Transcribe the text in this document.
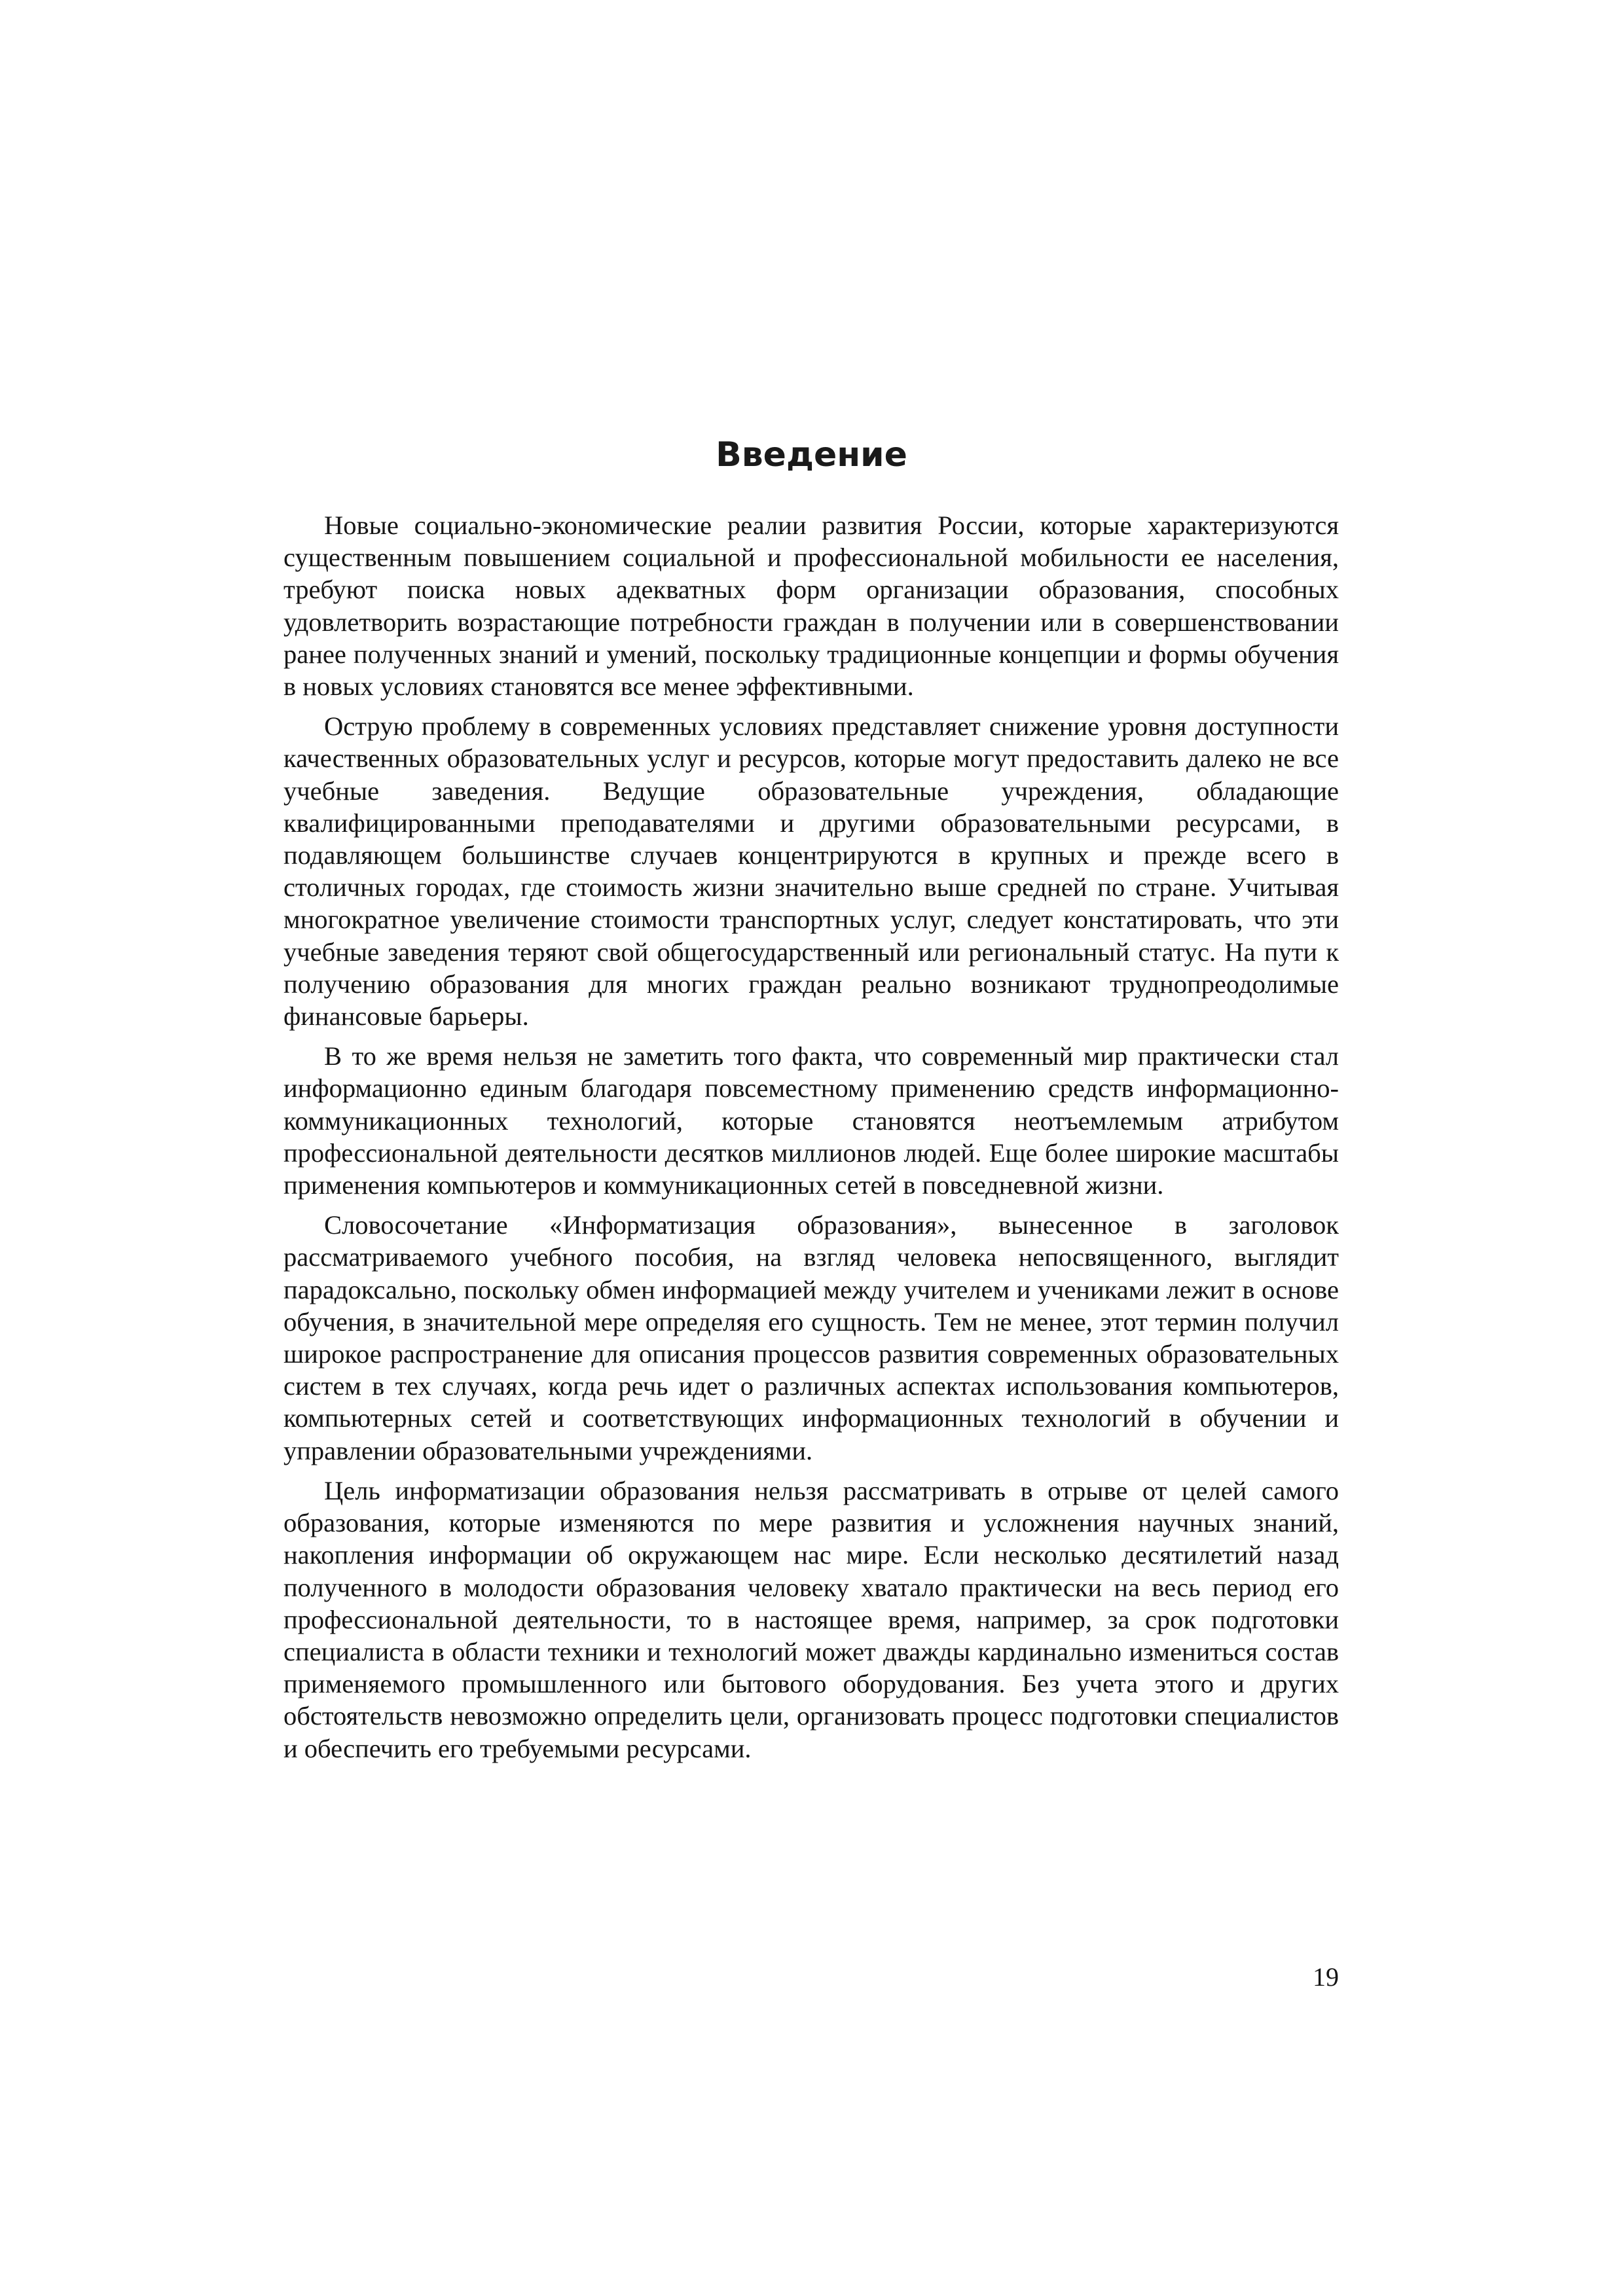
Введение

Новые социально-экономические реалии развития России, которые характеризуются существенным повышением социальной и профессиональной мобильности ее населения, требуют поиска новых адекватных форм организации образования, способных удовлетворить возрастающие потребности граждан в получении или в совершенствовании ранее полученных знаний и умений, поскольку традиционные концепции и формы обучения в новых условиях становятся все менее эффективными.

Острую проблему в современных условиях представляет снижение уровня доступности качественных образовательных услуг и ресурсов, которые могут предоставить далеко не все учебные заведения. Ведущие образовательные учреждения, обладающие квалифицированными преподавателями и другими образовательными ресурсами, в подавляющем большинстве случаев концентрируются в крупных и прежде всего в столичных городах, где стоимость жизни значительно выше средней по стране. Учитывая многократное увеличение стоимости транспортных услуг, следует констатировать, что эти учебные заведения теряют свой общегосударственный или региональный статус. На пути к получению образования для многих граждан реально возникают труднопреодолимые финансовые барьеры.

В то же время нельзя не заметить того факта, что современный мир практически стал информационно единым благодаря повсеместному применению средств информационно-коммуникационных технологий, которые становятся неотъемлемым атрибутом профессиональной деятельности десятков миллионов людей. Еще более широкие масштабы применения компьютеров и коммуникационных сетей в повседневной жизни.

Словосочетание «Информатизация образования», вынесенное в заголовок рассматриваемого учебного пособия, на взгляд человека непосвященного, выглядит парадоксально, поскольку обмен информацией между учителем и учениками лежит в основе обучения, в значительной мере определяя его сущность. Тем не менее, этот термин получил широкое распространение для описания процессов развития современных образовательных систем в тех случаях, когда речь идет о различных аспектах использования компьютеров, компьютерных сетей и соответствующих информационных технологий в обучении и управлении образовательными учреждениями.

Цель информатизации образования нельзя рассматривать в отрыве от целей самого образования, которые изменяются по мере развития и усложнения научных знаний, накопления информации об окружающем нас мире. Если несколько десятилетий назад полученного в молодости образования человеку хватало практически на весь период его профессиональной деятельности, то в настоящее время, например, за срок подготовки специалиста в области техники и технологий может дважды кардинально измениться состав применяемого промышленного или бытового оборудования. Без учета этого и других обстоятельств невозможно определить цели, организовать процесс подготовки специалистов и обеспечить его требуемыми ресурсами.

19
